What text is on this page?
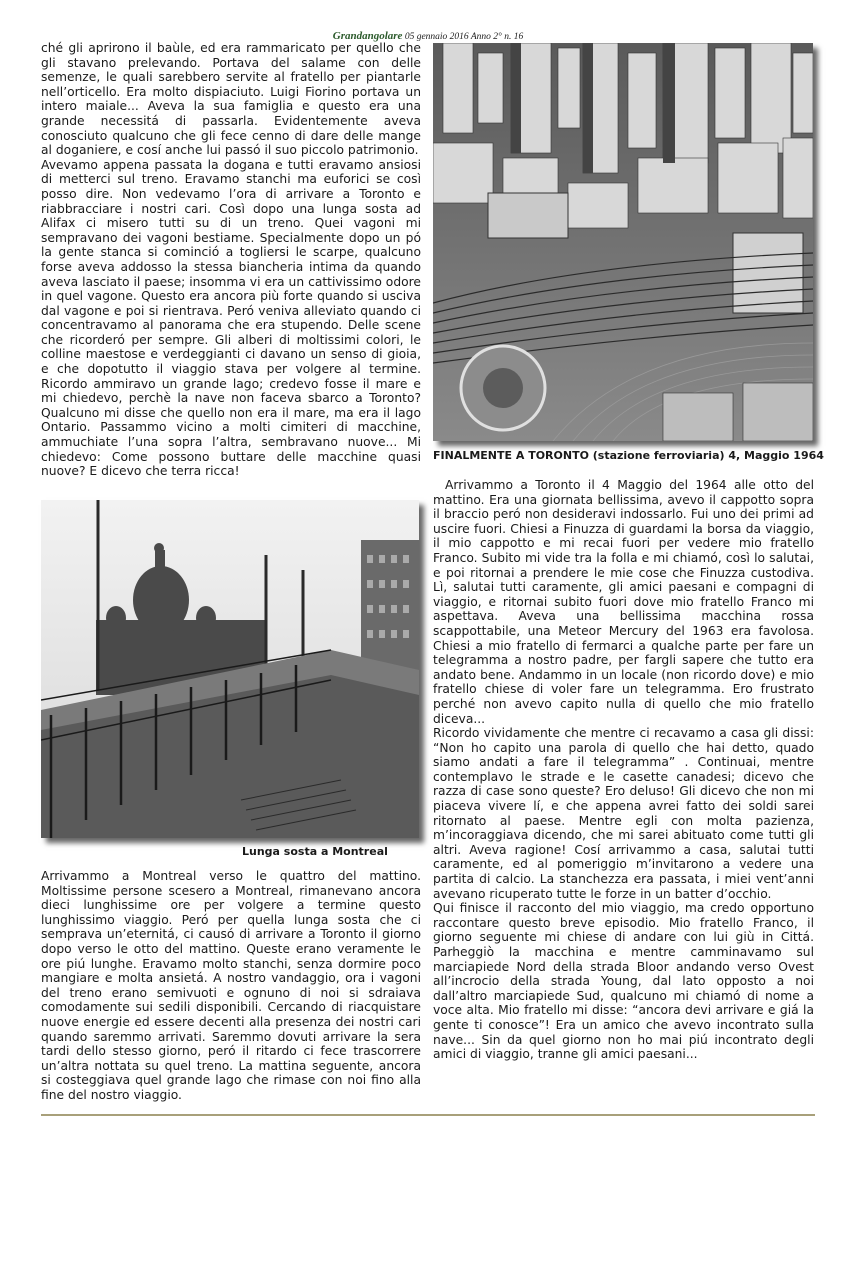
Grandangolare 05 gennaio 2016 Anno 2° n. 16

ché gli aprirono il baùle, ed era rammaricato per quello che gli stavano prelevando. Portava del salame con delle semenze, le quali sarebbero servite al fratello per piantarle nell’orticello. Era molto dispiaciuto. Luigi Fiorino portava un intero maiale... Aveva la sua famiglia e questo era una grande necessitá di passarla. Evidentemente aveva conosciuto qualcuno che gli fece cenno di dare delle mange al doganiere, e cosí anche lui passó il suo piccolo patrimonio.

Avevamo appena passata la dogana e tutti eravamo ansiosi di metterci sul treno. Eravamo stanchi ma euforici se così posso dire. Non vedevamo l’ora di arrivare a Toronto e riabbracciare i nostri cari. Così dopo una lunga sosta ad Alifax ci misero tutti su di un treno. Quei vagoni mi sempravano dei vagoni bestiame. Specialmente dopo un pó la gente stanca si cominció a togliersi le scarpe, qualcuno forse aveva addosso la stessa biancheria intima da quando aveva lasciato il paese; insomma vi era un cattivissimo odore in quel vagone. Questo era ancora più forte quando si usciva dal vagone e poi si rientrava. Peró veniva alleviato quando ci concentravamo al panorama che era stupendo. Delle scene che ricorderó per sempre. Gli alberi di moltissimi colori, le colline maestose e verdeggianti ci davano un senso di gioia, e che dopotutto il viaggio stava per volgere al termine. Ricordo ammiravo un grande lago; credevo fosse il mare e mi chiedevo, perchè la nave non faceva sbarco a Toronto? Qualcuno mi disse che quello non era il mare, ma era il lago Ontario. Passammo vicino a molti cimiteri di macchine, ammuchiate l’una sopra l’altra, sembravano nuove... Mi chiedevo: Come possono buttare delle macchine quasi nuove? E dicevo che terra ricca!

FINALMENTE A TORONTO (stazione ferroviaria) 4, Maggio 1964

Arrivammo a Toronto il 4 Maggio del 1964 alle otto del mattino. Era una giornata bellissima, avevo il cappotto sopra il braccio peró non desideravi indossarlo. Fui uno dei primi ad uscire fuori. Chiesi a Finuzza di guardami la borsa da viaggio, il mio cappotto e mi recai fuori per vedere mio fratello Franco. Subito mi vide tra la folla e mi chiamó, così lo salutai, e poi ritornai a prendere le mie cose che Finuzza custodiva. Lì, salutai tutti caramente, gli amici paesani e compagni di viaggio, e ritornai subito fuori dove mio fratello Franco mi aspettava. Aveva una bellissima macchina rossa scappottabile, una Meteor Mercury del 1963 era favolosa. Chiesi a mio fratello di fermarci a qualche parte per fare un telegramma a nostro padre, per fargli sapere che tutto era andato bene. Andammo in un locale (non ricordo dove) e mio fratello chiese di voler fare un telegramma. Ero frustrato perché non avevo capito nulla di quello che mio fratello diceva...

Ricordo vividamente che mentre ci recavamo a casa gli dissi: “Non ho capito una parola di quello che hai detto, quado siamo andati a fare il telegramma” . Continuai, mentre contemplavo le strade e le casette canadesi; dicevo che razza di case sono queste? Ero deluso! Gli dicevo che non mi piaceva vivere lí, e che appena avrei fatto dei soldi sarei ritornato al paese. Mentre egli con molta pazienza, m’incoraggiava dicendo, che mi sarei abituato come tutti gli altri. Aveva ragione! Cosí arrivammo a casa, salutai tutti caramente, ed al pomeriggio m’invitarono a vedere una partita di calcio. La stanchezza era passata, i miei vent’anni avevano ricuperato tutte le forze in un batter d’occhio.

Qui finisce il racconto del mio viaggio, ma credo opportuno raccontare questo breve episodio. Mio fratello Franco, il giorno seguente mi chiese di andare con lui giù in Cittá. Parheggiò la macchina e mentre camminavamo sul marciapiede Nord della strada Bloor andando verso Ovest all’incrocio della strada Young, dal lato opposto a noi dall’altro marciapiede Sud, qualcuno mi chiamó di nome a voce alta. Mio fratello mi disse: “ancora devi arrivare e giá la gente ti conosce”! Era un amico che avevo incontrato sulla nave... Sin da quel giorno non ho mai piú incontrato degli amici di viaggio, tranne gli amici paesani...

Lunga sosta a Montreal

Arrivammo a Montreal verso le quattro del mattino. Moltissime persone scesero a Montreal, rimanevano ancora dieci lunghissime ore per volgere a termine questo lunghissimo viaggio. Peró per quella lunga sosta che ci semprava un’eternitá, ci causó di arrivare a Toronto il giorno dopo verso le otto del mattino. Queste erano veramente le ore piú lunghe. Eravamo molto stanchi, senza dormire poco mangiare e molta ansietá. A nostro vandaggio, ora i vagoni del treno erano semivuoti e ognuno di noi si sdraiava comodamente sui sedili disponibili. Cercando di riacquistare nuove energie ed essere decenti alla presenza dei nostri cari quando saremmo arrivati. Saremmo dovuti arrivare la sera tardi dello stesso giorno, peró il ritardo ci fece trascorrere un’altra nottata su quel treno. La mattina seguente, ancora si costeggiava quel grande lago che rimase con noi fino alla fine del nostro viaggio.
